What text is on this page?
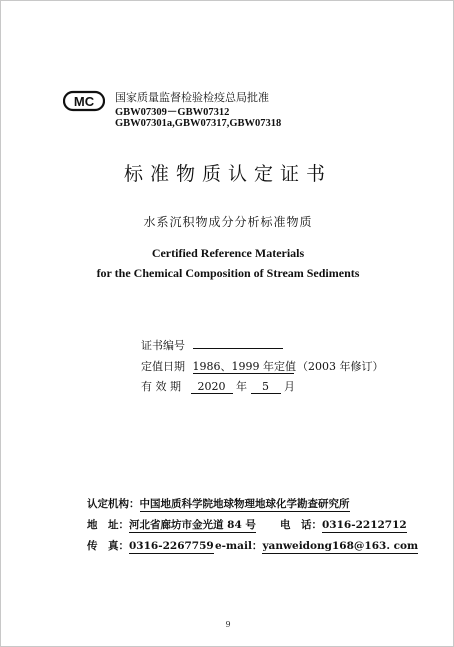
MC 国家质量监督检验检疫总局批准
GBW07309－GBW07312
GBW07301a,GBW07317,GBW07318
标准物质认定证书
水系沉积物成分分析标准物质
Certified Reference Materials
for the Chemical Composition of Stream Sediments
证书编号
定值日期 1986、1999 年定值 （2003 年修订）
有 效 期 2020 年 5 月
认定机构：中国地质科学院地球物理地球化学勘查研究所
地　址：河北省廊坊市金光道 84 号 电　话：0316-2212712
传　真：0316-2267759 e-mail：yanweidong168@163. com
9
